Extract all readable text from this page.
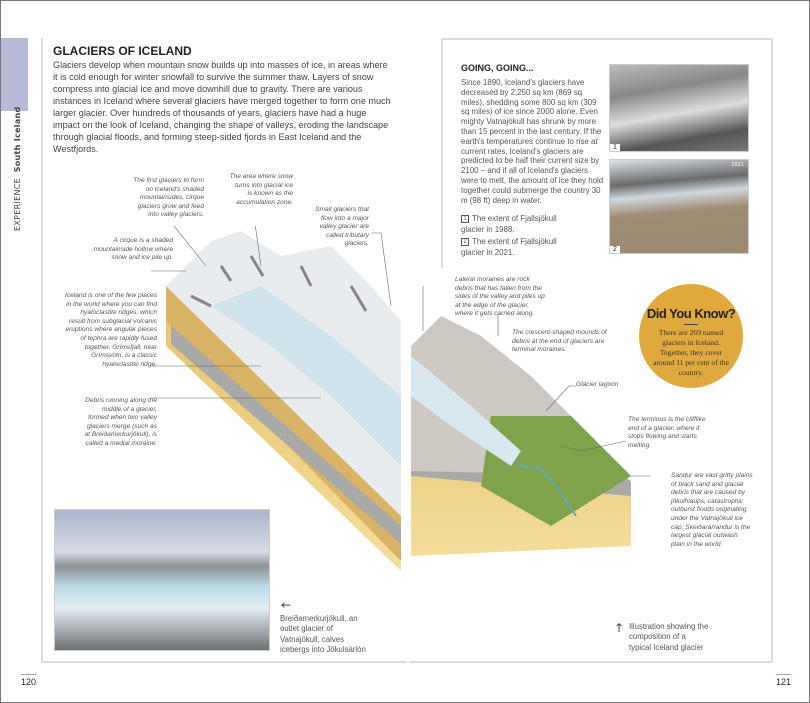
EXPERIENCE  South Iceland
GLACIERS OF ICELAND

Glaciers develop when mountain snow builds up into masses of ice, in areas where it is cold enough for winter snowfall to survive the summer thaw. Layers of snow compress into glacial ice and move downhill due to gravity. There are various instances in Iceland where several glaciers have merged together to form one much larger glacier. Over hundreds of thousands of years, glaciers have had a huge impact on the look of Iceland, changing the shape of valleys, eroding the landscape through glacial floods, and forming steep-sided fjords in East Iceland and the Westfjords.

The first glaciers to form on Iceland's shaded mountainsides, cirque glaciers grow and feed into valley glaciers.
The area where snow turns into glacial ice is known as the accumulation zone.
Small glaciers that flow into a major valley glacier are called tributary glaciers.
A cirque is a shaded mountainside hollow where snow and ice pile up.
Iceland is one of the few places in the world where you can find hyaloclastite ridges, which result from subglacial volcanic eruptions where angular pieces of tephra are rapidly fused together. Grímsfjall, near Grímsvötn, is a classic hyaloclastite ridge.
Debris running along the middle of a glacier, formed when two valley glaciers merge (such as at Breiðamerkurjökull), is called a medial moraine.
Lateral moraines are rock debris that has fallen from the sides of the valley and piles up at the edge of the glacier, where it gets carried along.
The crescent-shaped mounds of debris at the end of glaciers are terminal moraines.
Glacier lagoon
The terminus is the clifflike end of a glacier, where it stops flowing and starts melting.
Sandur are vast gritty plains of black sand and glacial debris that are caused by jökulhlaups, catastrophic outburst floods originating under the Vatnajökull ice cap. Skeiðarárrandur is the largest glacial outwash plain in the world.
GOING, GOING...

Since 1890, Iceland's glaciers have decreased by 2,250 sq km (869 sq miles), shedding some 800 sq km (309 sq miles) of ice since 2000 alone. Even mighty Vatnajökull has shrunk by more than 15 percent in the last century. If the earth's temperatures continue to rise at current rates, Iceland's glaciers are predicted to be half their current size by 2100 – and if all of Iceland's glaciers were to melt, the amount of ice they hold together could submerge the country 30 m (98 ft) deep in water.

1 The extent of Fjallsjökull glacier in 1988.
2 The extent of Fjallsjökull glacier in 2021.
1
2
2021
Did You Know?
There are 269 named glaciers in Iceland. Together, they cover around 11 per cent of the country.
←

Breiðamerkurjökull, an outlet glacier of Vatnajökull, calves icebergs into Jökulsárlón

↑ Illustration showing the composition of a typical Iceland glacier

120	121
